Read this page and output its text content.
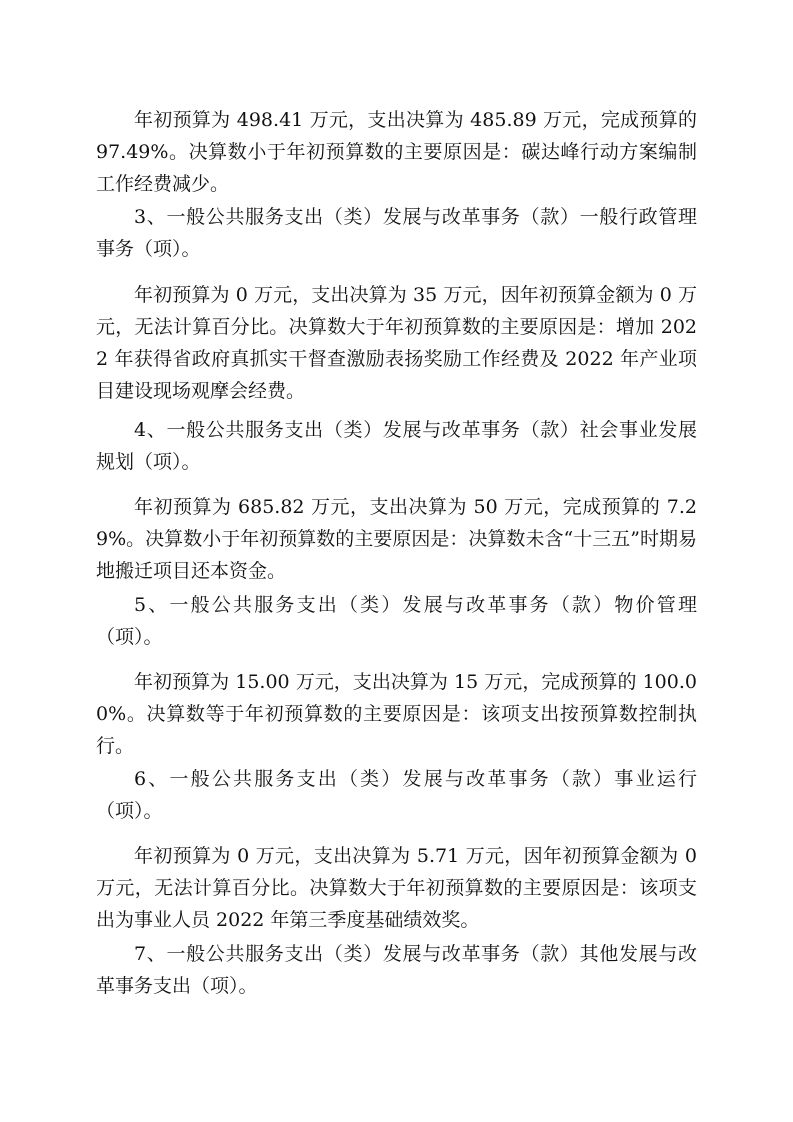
年初预算为 498.41 万元，支出决算为 485.89 万元，完成预算的 97.49%。决算数小于年初预算数的主要原因是：碳达峰行动方案编制工作经费减少。

3、一般公共服务支出（类）发展与改革事务（款）一般行政管理事务（项）。

年初预算为 0 万元，支出决算为 35 万元，因年初预算金额为 0 万元，无法计算百分比。决算数大于年初预算数的主要原因是：增加 2022 年获得省政府真抓实干督查激励表扬奖励工作经费及 2022 年产业项目建设现场观摩会经费。

4、一般公共服务支出（类）发展与改革事务（款）社会事业发展规划（项）。

年初预算为 685.82 万元，支出决算为 50 万元，完成预算的 7.29%。决算数小于年初预算数的主要原因是：决算数未含“十三五”时期易地搬迁项目还本资金。

5、一般公共服务支出（类）发展与改革事务（款）物价管理（项）。

年初预算为 15.00 万元，支出决算为 15 万元，完成预算的 100.00%。决算数等于年初预算数的主要原因是：该项支出按预算数控制执行。

6、一般公共服务支出（类）发展与改革事务（款）事业运行（项）。

年初预算为 0 万元，支出决算为 5.71 万元，因年初预算金额为 0 万元，无法计算百分比。决算数大于年初预算数的主要原因是：该项支出为事业人员 2022 年第三季度基础绩效奖。

7、一般公共服务支出（类）发展与改革事务（款）其他发展与改革事务支出（项）。
